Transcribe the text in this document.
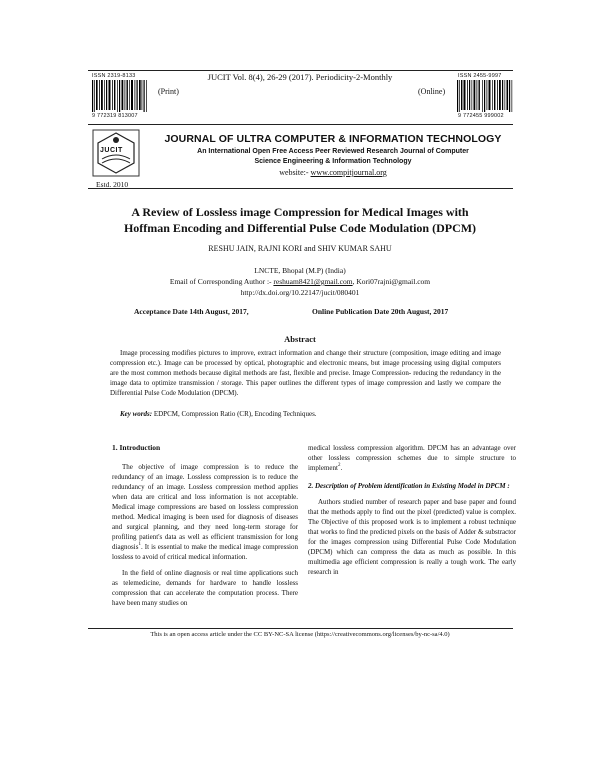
ISSN 2319-8133
9 772319 813007
(Print)
JUCIT Vol. 8(4), 26-29 (2017). Periodicity-2-Monthly
(Online)
ISSN 2455-9997
9 772455 999002
JUCIT
Estd. 2010
JOURNAL OF ULTRA COMPUTER & INFORMATION TECHNOLOGY
An International Open Free Access Peer Reviewed Research Journal of Computer
Science Engineering & Information Technology
website:- www.compitjournal.org
A Review of Lossless image Compression for Medical Images with
Hoffman Encoding and Differential Pulse Code Modulation (DPCM)
RESHU JAIN, RAJNI KORI and SHIV KUMAR SAHU
LNCTE, Bhopal (M.P) (India)
Email of Corresponding Author :- reshuam8421@gmail.com, Kori07rajni@gmail.com
http://dx.doi.org/10.22147/jucit/080401
Acceptance Date 14th August, 2017,	Online Publication Date 20th August, 2017
Abstract
Image processing modifies pictures to improve, extract information and change their structure (composition, image editing and image compression etc.). Image can be processed by optical, photographic and electronic means, but image processing using digital computers are the most common methods because digital methods are fast, flexible and precise. Image Compression- reducing the redundancy in the image data to optimize transmission / storage. This paper outlines the different types of image compression and lastly we compare the Differential Pulse Code Modulation (DPCM).
Key words: EDPCM, Compression Ratio (CR), Encoding Techniques.
1. Introduction

The objective of image compression is to reduce the redundancy of an image. Lossless compression is to reduce the redundancy of an image. Lossless compression method applies when data are critical and loss information is not acceptable. Medical image compressions are based on lossless compression method. Medical imaging is been used for diagnosis of diseases and surgical planning, and they need long-term storage for profiling patient's data as well as efficient transmission for long diagnosis$^1$. It is essential to make the medical image compression lossless to avoid of critical medical information.

In the field of online diagnosis or real time applications such as telemedicine, demands for hardware to handle lossless compression that can accelerate the computation process. There have been many studies on

medical lossless compression algorithm. DPCM has an advantage over other lossless compression schemes due to simple structure to implement$^2$.

2. Description of Problem identification in Existing Model in DPCM :

Authors studied number of research paper and base paper and found that the methods apply to find out the pixel (predicted) value is complex. The Objective of this proposed work is to implement a robust technique that works to find the predicted pixels on the basis of Adder & substractor for the images compression using Differential Pulse Code Modulation (DPCM) which can compress the data as much as possible. In this multimedia age efficient compression is really a tough work. The early research in

This is an open access article under the CC BY-NC-SA license (https://creativecommons.org/licenses/by-nc-sa/4.0)
